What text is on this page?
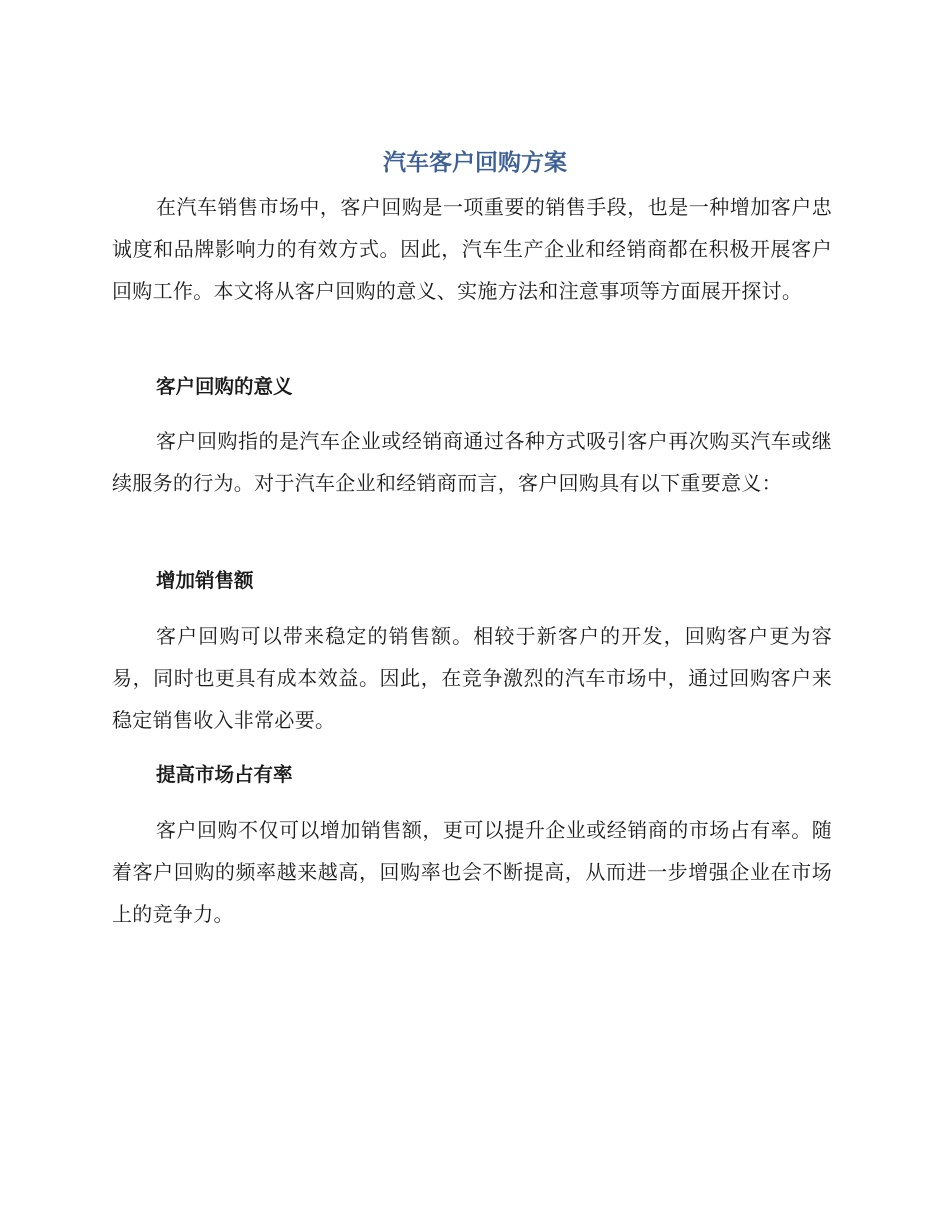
汽车客户回购方案

在汽车销售市场中，客户回购是一项重要的销售手段，也是一种增加客户忠诚度和品牌影响力的有效方式。因此，汽车生产企业和经销商都在积极开展客户回购工作。本文将从客户回购的意义、实施方法和注意事项等方面展开探讨。

客户回购的意义

客户回购指的是汽车企业或经销商通过各种方式吸引客户再次购买汽车或继续服务的行为。对于汽车企业和经销商而言，客户回购具有以下重要意义：

增加销售额

客户回购可以带来稳定的销售额。相较于新客户的开发，回购客户更为容易，同时也更具有成本效益。因此，在竞争激烈的汽车市场中，通过回购客户来稳定销售收入非常必要。

提高市场占有率

客户回购不仅可以增加销售额，更可以提升企业或经销商的市场占有率。随着客户回购的频率越来越高，回购率也会不断提高，从而进一步增强企业在市场上的竞争力。
